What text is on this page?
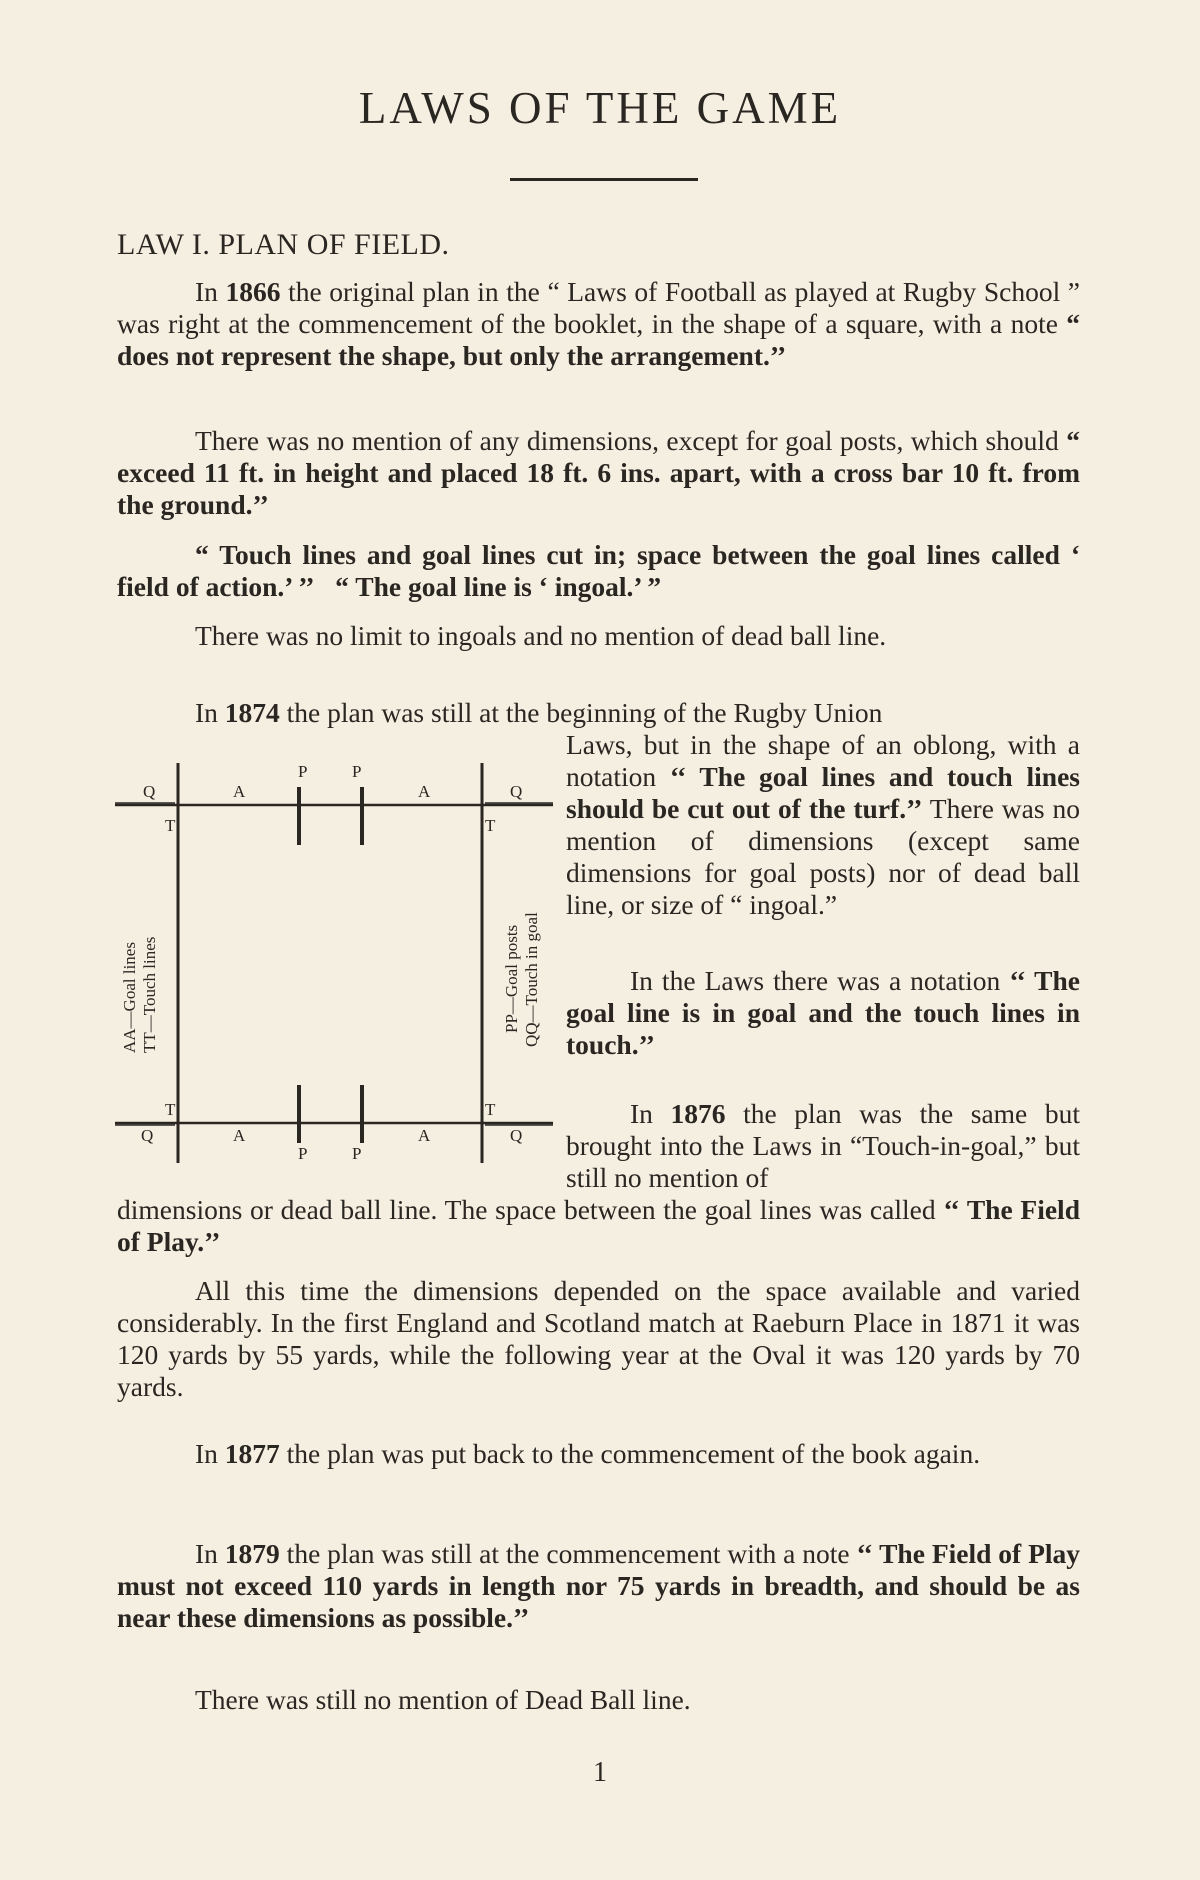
LAWS OF THE GAME
LAW I. PLAN OF FIELD.
In 1866 the original plan in the “ Laws of Football as played at Rugby School ” was right at the commencement of the booklet, in the shape of a square, with a note “ does not represent the shape, but only the arrangement.’’
There was no mention of any dimensions, except for goal posts, which should “ exceed 11 ft. in height and placed 18 ft. 6 ins. apart, with a cross bar 10 ft. from the ground.’’
“ Touch lines and goal lines cut in; space between the goal lines called ‘ field of action.’ ’’ “ The goal line is ‘ ingoal.’ ”
There was no limit to ingoals and no mention of dead ball line.
In 1874 the plan was still at the beginning of the Rugby Union
Laws, but in the shape of an oblong, with a notation ‘‘ The goal lines and touch lines should be cut out of the turf.’’ There was no mention of dimensions (except same dimensions for goal posts) nor of dead ball line, or size of “ ingoal.”
In the Laws there was a notation ‘‘ The goal line is in goal and the touch lines in touch.’’
In 1876 the plan was the same but brought into the Laws in “Touch-in-goal,” but still no mention of
dimensions or dead ball line. The space between the goal lines was called ‘‘ The Field of Play.’’
Q	A
P	P
A	Q
T	T
T	T
Q	A
P	P
A	Q
AA—Goal lines TT—Touch lines	PP—Goal posts QQ—Touch in goal
All this time the dimensions depended on the space available and varied considerably. In the first England and Scotland match at Raeburn Place in 1871 it was 120 yards by 55 yards, while the following year at the Oval it was 120 yards by 70 yards.
In 1877 the plan was put back to the commencement of the book again.
In 1879 the plan was still at the commencement with a note ‘‘ The Field of Play must not exceed 110 yards in length nor 75 yards in breadth, and should be as near these dimensions as possible.’’
There was still no mention of Dead Ball line.
1
